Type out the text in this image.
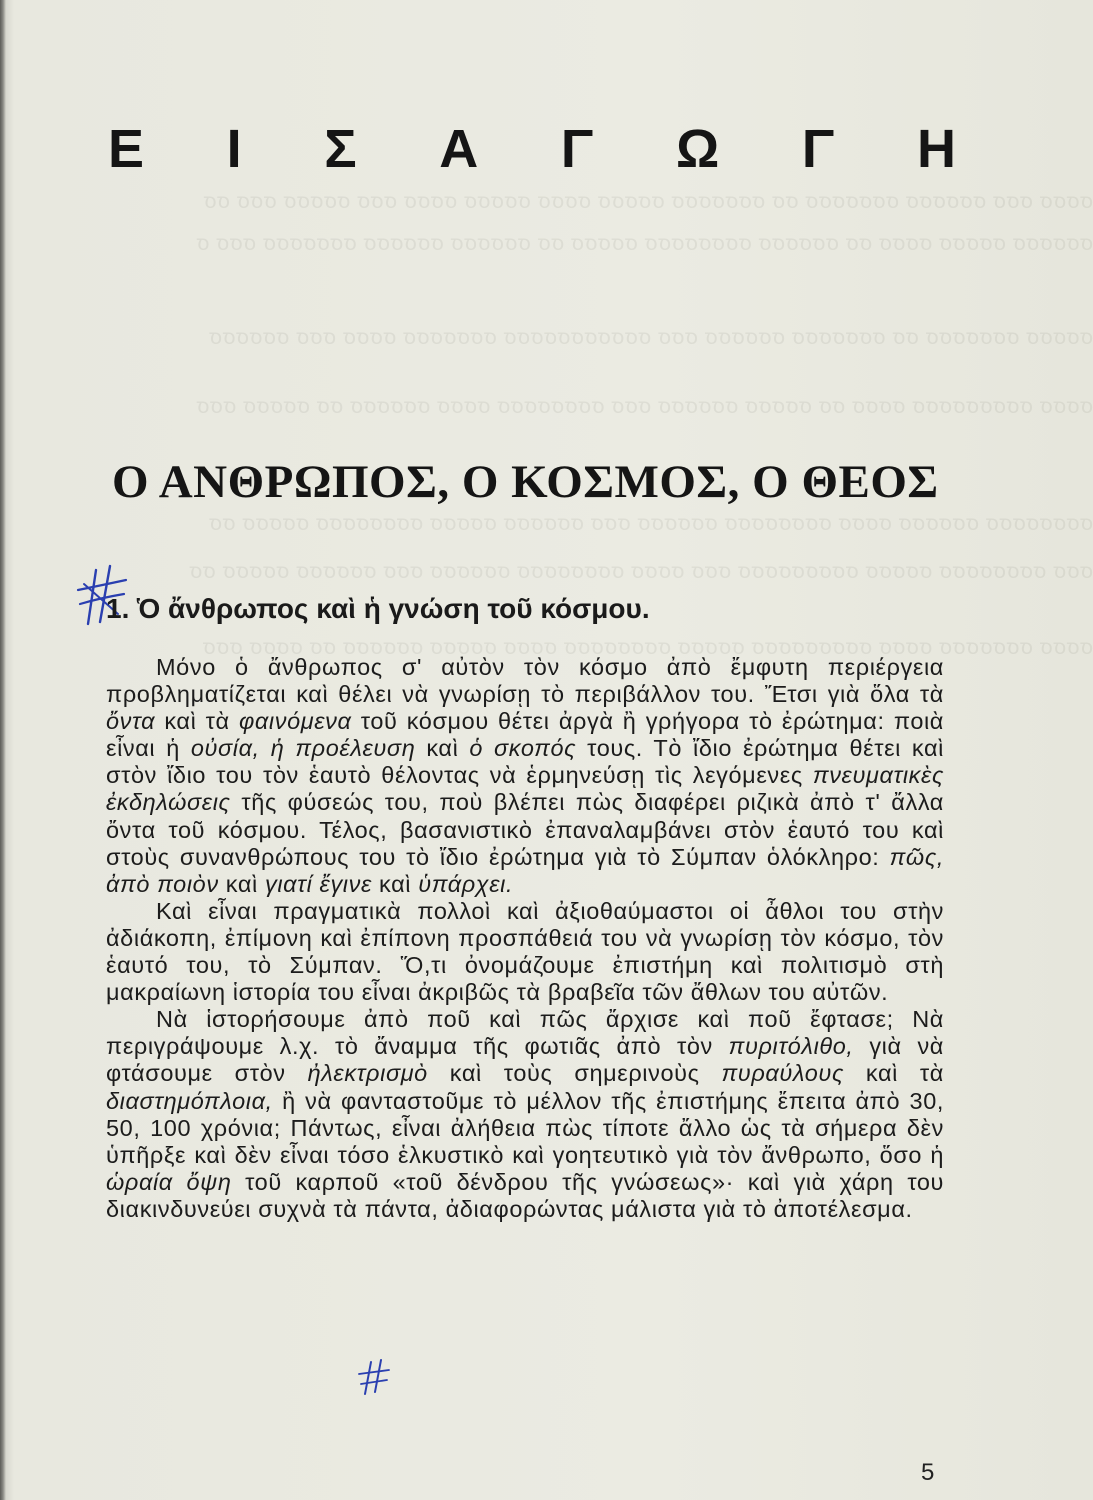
Ε Ι Σ Α Γ Ω Γ Η
Ο ΑΝΘΡΩΠΟΣ, Ο ΚΟΣΜΟΣ, Ο ΘΕΟΣ
1. Ὁ ἄνθρωπος καὶ ἡ γνώση τοῦ κόσμου.

Μόνο ὁ ἄνθρωπος σ' αὐτὸν τὸν κόσμο ἀπὸ ἔμφυτη περιέργεια προβληματίζεται καὶ θέλει νὰ γνωρίσῃ τὸ περιβάλλον του. Ἔτσι γιὰ ὅλα τὰ ὄντα καὶ τὰ φαινόμενα τοῦ κόσμου θέτει ἀργὰ ἢ γρήγορα τὸ ἐρώτημα: ποιὰ εἶναι ἡ οὐσία, ἡ προέλευση καὶ ὁ σκοπός τους. Τὸ ἴδιο ἐρώτημα θέτει καὶ στὸν ἴδιο του τὸν ἑαυτὸ θέλοντας νὰ ἑρμηνεύσῃ τὶς λεγόμενες πνευματικὲς ἐκδηλώσεις τῆς φύσεώς του, ποὺ βλέπει πὼς διαφέρει ριζικὰ ἀπὸ τ' ἄλλα ὄντα τοῦ κόσμου. Τέλος, βασανιστικὸ ἐπαναλαμβάνει στὸν ἑαυτό του καὶ στοὺς συνανθρώπους του τὸ ἴδιο ἐρώτημα γιὰ τὸ Σύμπαν ὁλόκληρο: πῶς, ἀπὸ ποιὸν καὶ γιατί ἔγινε καὶ ὑπάρχει.

Καὶ εἶναι πραγματικὰ πολλοὶ καὶ ἀξιοθαύμαστοι οἱ ἆθλοι του στὴν ἀδιάκοπη, ἐπίμονη καὶ ἐπίπονη προσπάθειά του νὰ γνωρίσῃ τὸν κόσμο, τὸν ἑαυτό του, τὸ Σύμπαν. Ὅ,τι ὀνομάζουμε ἐπιστήμη καὶ πολιτισμὸ στὴ μακραίωνη ἱστορία του εἶναι ἀκριβῶς τὰ βραβεῖα τῶν ἄθλων του αὐτῶν.

Νὰ ἱστορήσουμε ἀπὸ ποῦ καὶ πῶς ἄρχισε καὶ ποῦ ἔφτασε; Νὰ περιγράψουμε λ.χ. τὸ ἄναμμα τῆς φωτιᾶς ἀπὸ τὸν πυριτόλιθο, γιὰ νὰ φτάσουμε στὸν ἠλεκτρισμὸ καὶ τοὺς σημερινοὺς πυραύλους καὶ τὰ διαστημόπλοια, ἢ νὰ φανταστοῦμε τὸ μέλλον τῆς ἐπιστήμης ἔπειτα ἀπὸ 30, 50, 100 χρόνια; Πάντως, εἶναι ἀλήθεια πὼς τίποτε ἄλλο ὡς τὰ σήμερα δὲν ὑπῆρξε καὶ δὲν εἶναι τόσο ἑλκυστικὸ καὶ γοητευτικὸ γιὰ τὸν ἄνθρωπο, ὅσο ἡ ὡραία ὄψη τοῦ καρποῦ «τοῦ δένδρου τῆς γνώσεως»· καὶ γιὰ χάρη του διακινδυνεύει συχνὰ τὰ πάντα, ἀδιαφορώντας μάλιστα γιὰ τὸ ἀποτέλεσμα.

5
